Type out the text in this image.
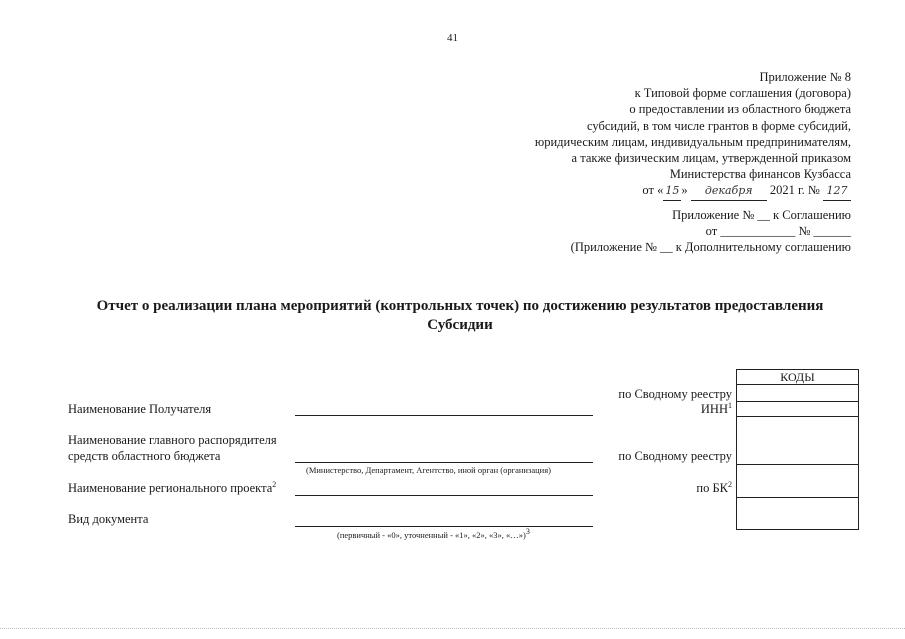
41
Приложение № 8
к Типовой форме соглашения (договора)
о предоставлении из областного бюджета
субсидий, в том числе грантов в форме субсидий,
юридическим лицам, индивидуальным предпринимателям,
а также физическим лицам, утвержденной приказом
Министерства финансов Кузбасса
от « 15 » декабря 2021 г. № 127
Приложение № __ к Соглашению
от ____________ № ______
(Приложение № __ к Дополнительному соглашению
Отчет о реализации плана мероприятий (контрольных точек) по достижению результатов предоставления
Субсидии
Наименование Получателя
Наименование главного распорядителя
средств областного бюджета
(Министерство, Департамент, Агентство, иной орган (организация)
Наименование регионального проекта$^2$
Вид документа
(первичный - «0», уточненный - «1», «2», «3», «…»)$^3$
по Сводному реестру
ИНН$^1$
по Сводному реестру
по $БК^2$
КОДЫ
